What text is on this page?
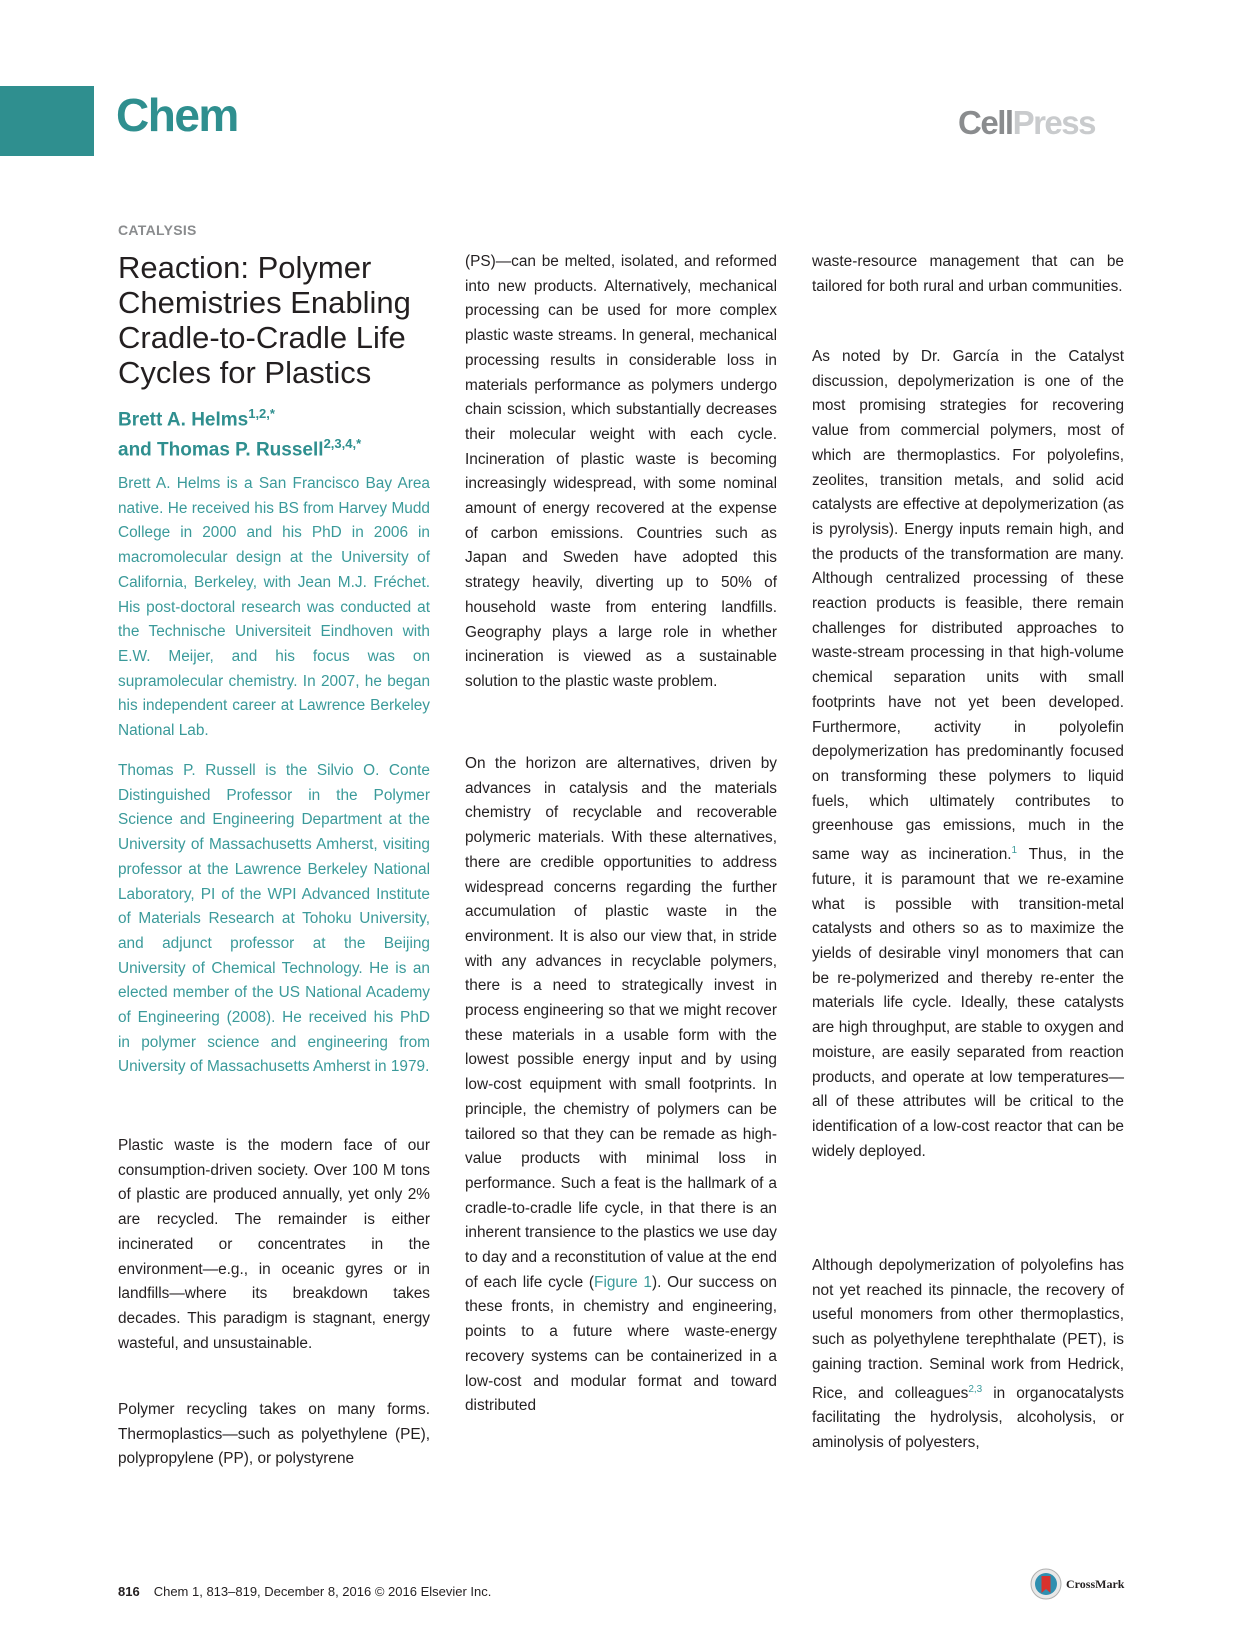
Chem	CellPress
CATALYSIS
Reaction: Polymer Chemistries Enabling Cradle-to-Cradle Life Cycles for Plastics
Brett A. Helms$^{1,2,*}$
and Thomas P. Russell$^{2,3,4,*}$

Brett A. Helms is a San Francisco Bay Area native. He received his BS from Harvey Mudd College in 2000 and his PhD in 2006 in macromolecular design at the University of California, Berkeley, with Jean M.J. Fréchet. His post-doctoral research was conducted at the Technische Universiteit Eindhoven with E.W. Meijer, and his focus was on supramolecular chemistry. In 2007, he began his independent career at Lawrence Berkeley National Lab.

Thomas P. Russell is the Silvio O. Conte Distinguished Professor in the Polymer Science and Engineering Department at the University of Massachusetts Amherst, visiting professor at the Lawrence Berkeley National Laboratory, PI of the WPI Advanced Institute of Materials Research at Tohoku University, and adjunct professor at the Beijing University of Chemical Technology. He is an elected member of the US National Academy of Engineering (2008). He received his PhD in polymer science and engineering from University of Massachusetts Amherst in 1979.

Plastic waste is the modern face of our consumption-driven society. Over 100 M tons of plastic are produced annually, yet only 2% are recycled. The remainder is either incinerated or concentrates in the environment—e.g., in oceanic gyres or in landfills—where its breakdown takes decades. This paradigm is stagnant, energy wasteful, and unsustainable.

Polymer recycling takes on many forms. Thermoplastics—such as polyethylene (PE), polypropylene (PP), or polystyrene

(PS)—can be melted, isolated, and reformed into new products. Alternatively, mechanical processing can be used for more complex plastic waste streams. In general, mechanical processing results in considerable loss in materials performance as polymers undergo chain scission, which substantially decreases their molecular weight with each cycle. Incineration of plastic waste is becoming increasingly widespread, with some nominal amount of energy recovered at the expense of carbon emissions. Countries such as Japan and Sweden have adopted this strategy heavily, diverting up to 50% of household waste from entering landfills. Geography plays a large role in whether incineration is viewed as a sustainable solution to the plastic waste problem.

On the horizon are alternatives, driven by advances in catalysis and the materials chemistry of recyclable and recoverable polymeric materials. With these alternatives, there are credible opportunities to address widespread concerns regarding the further accumulation of plastic waste in the environment. It is also our view that, in stride with any advances in recyclable polymers, there is a need to strategically invest in process engineering so that we might recover these materials in a usable form with the lowest possible energy input and by using low-cost equipment with small footprints. In principle, the chemistry of polymers can be tailored so that they can be remade as high-value products with minimal loss in performance. Such a feat is the hallmark of a cradle-to-cradle life cycle, in that there is an inherent transience to the plastics we use day to day and a reconstitution of value at the end of each life cycle (Figure 1). Our success on these fronts, in chemistry and engineering, points to a future where waste-energy recovery systems can be containerized in a low-cost and modular format and toward distributed

waste-resource management that can be tailored for both rural and urban communities.

As noted by Dr. García in the Catalyst discussion, depolymerization is one of the most promising strategies for recovering value from commercial polymers, most of which are thermoplastics. For polyolefins, zeolites, transition metals, and solid acid catalysts are effective at depolymerization (as is pyrolysis). Energy inputs remain high, and the products of the transformation are many. Although centralized processing of these reaction products is feasible, there remain challenges for distributed approaches to waste-stream processing in that high-volume chemical separation units with small footprints have not yet been developed. Furthermore, activity in polyolefin depolymerization has predominantly focused on transforming these polymers to liquid fuels, which ultimately contributes to greenhouse gas emissions, much in the same way as incineration.$^1$ Thus, in the future, it is paramount that we re-examine what is possible with transition-metal catalysts and others so as to maximize the yields of desirable vinyl monomers that can be re-polymerized and thereby re-enter the materials life cycle. Ideally, these catalysts are high throughput, are stable to oxygen and moisture, are easily separated from reaction products, and operate at low temperatures—all of these attributes will be critical to the identification of a low-cost reactor that can be widely deployed.

Although depolymerization of polyolefins has not yet reached its pinnacle, the recovery of useful monomers from other thermoplastics, such as polyethylene terephthalate (PET), is gaining traction. Seminal work from Hedrick, Rice, and colleagues$^{2,3}$ in organocatalysts facilitating the hydrolysis, alcoholysis, or aminolysis of polyesters,

816 Chem 1, 813–819, December 8, 2016 © 2016 Elsevier Inc.	CrossMark
